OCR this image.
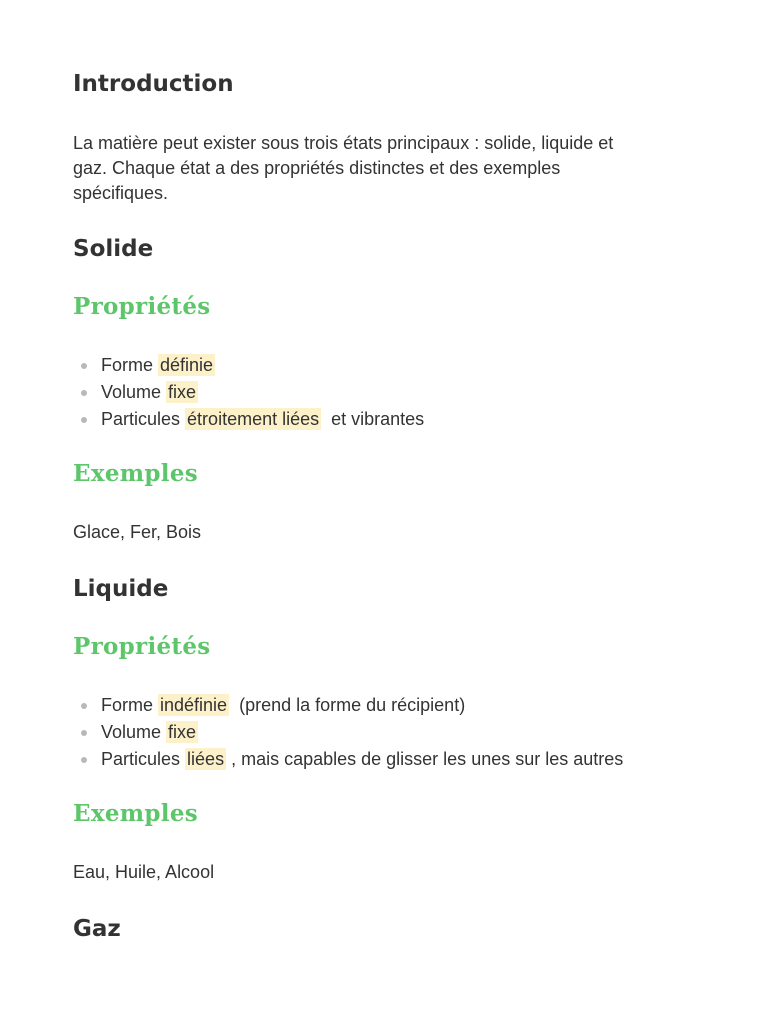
Introduction

La matière peut exister sous trois états principaux : solide, liquide et
gaz. Chaque état a des propriétés distinctes et des exemples
spécifiques.

Solide
Propriétés
Forme définie
Volume fixe
Particules étroitement liées  et vibrantes
Exemples

Glace, Fer, Bois

Liquide
Propriétés
Forme indéfinie  (prend la forme du récipient)
Volume fixe
Particules liées , mais capables de glisser les unes sur les autres
Exemples

Eau, Huile, Alcool

Gaz
